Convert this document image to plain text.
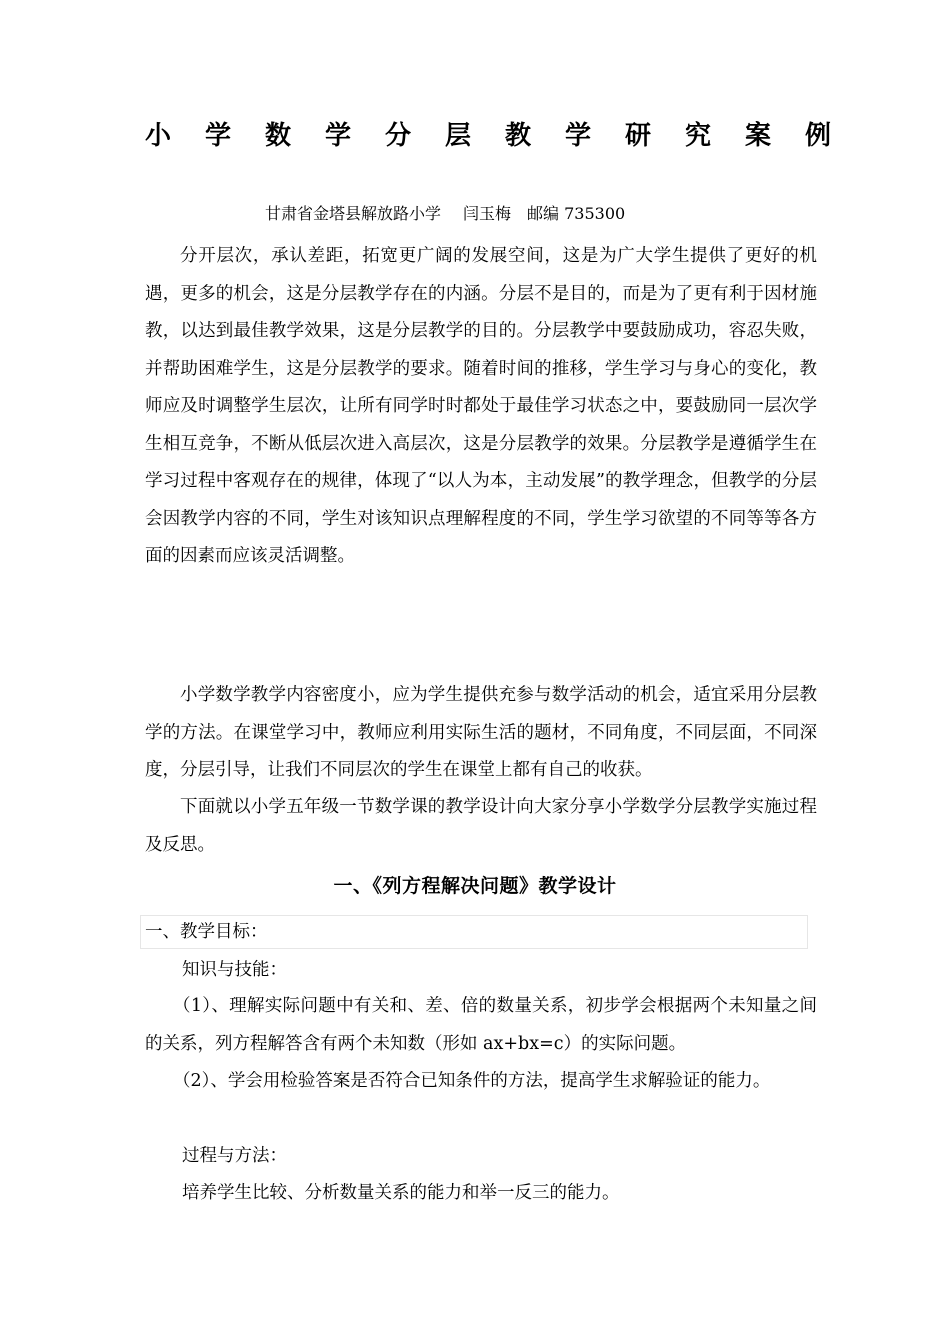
小学数学分层教学研究案例
甘肃省金塔县解放路小学 闫玉梅 邮编 735300

分开层次，承认差距，拓宽更广阔的发展空间，这是为广大学生提供了更好的机遇，更多的机会，这是分层教学存在的内涵。分层不是目的，而是为了更有利于因材施教，以达到最佳教学效果，这是分层教学的目的。分层教学中要鼓励成功，容忍失败，并帮助困难学生，这是分层教学的要求。随着时间的推移，学生学习与身心的变化，教师应及时调整学生层次，让所有同学时时都处于最佳学习状态之中，要鼓励同一层次学生相互竞争，不断从低层次进入高层次，这是分层教学的效果。分层教学是遵循学生在学习过程中客观存在的规律，体现了“以人为本，主动发展”的教学理念，但教学的分层会因教学内容的不同，学生对该知识点理解程度的不同，学生学习欲望的不同等等各方面的因素而应该灵活调整。

小学数学教学内容密度小，应为学生提供充参与数学活动的机会，适宜采用分层教学的方法。在课堂学习中，教师应利用实际生活的题材，不同角度，不同层面，不同深度，分层引导，让我们不同层次的学生在课堂上都有自己的收获。

下面就以小学五年级一节数学课的教学设计向大家分享小学数学分层教学实施过程及反思。

一、《列方程解决问题》教学设计
一、教学目标：
知识与技能：

（1）、理解实际问题中有关和、差、倍的数量关系，初步学会根据两个未知量之间的关系，列方程解答含有两个未知数（形如 ax+bx=c）的实际问题。

（2）、学会用检验答案是否符合已知条件的方法，提高学生求解验证的能力。

过程与方法：
培养学生比较、分析数量关系的能力和举一反三的能力。
